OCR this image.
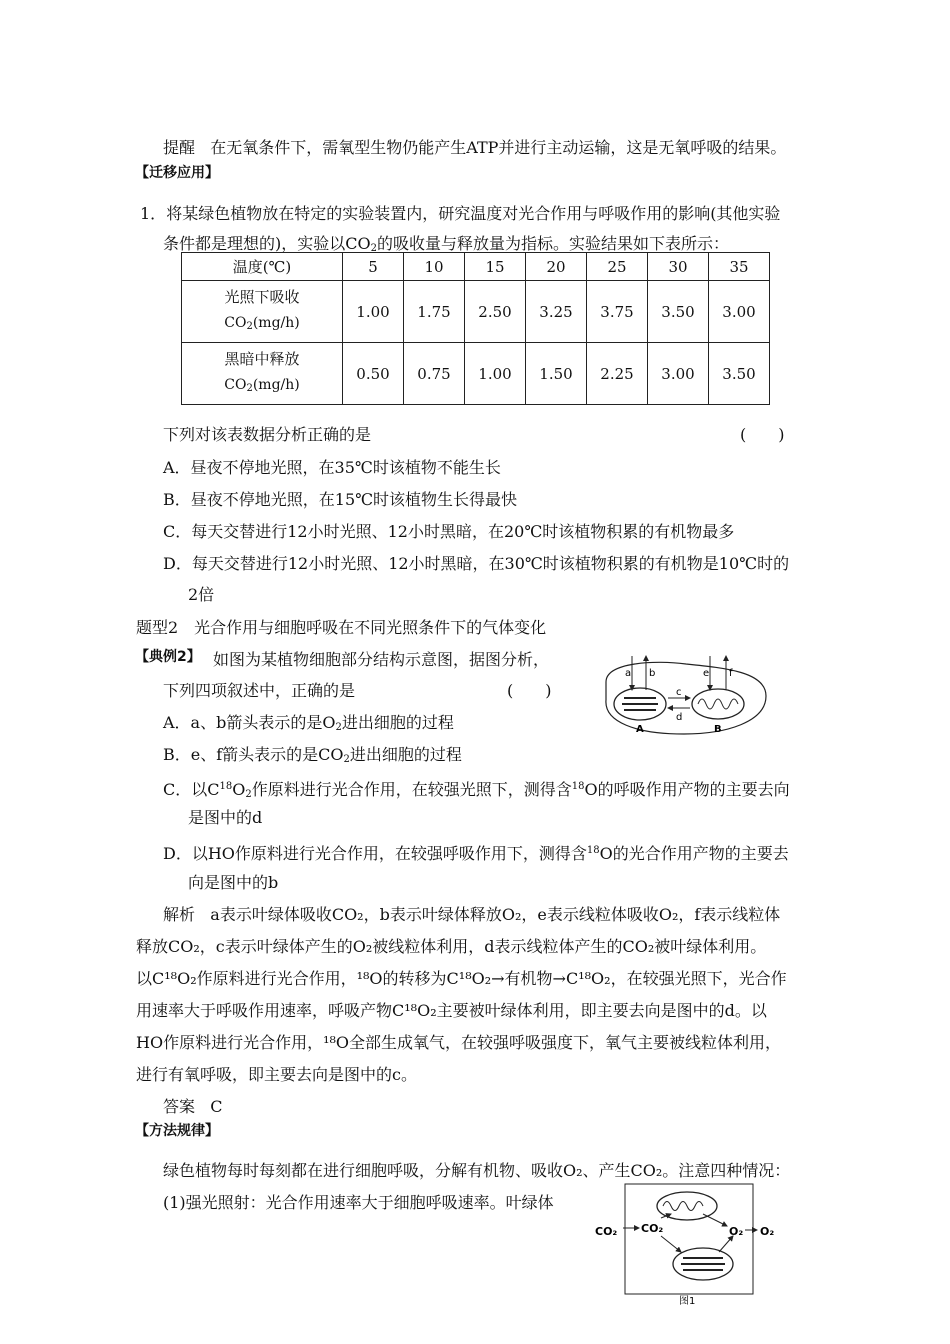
提醒 在无氧条件下，需氧型生物仍能产生ATP并进行主动运输，这是无氧呼吸的结果。
【迁移应用】
1．将某绿色植物放在特定的实验装置内，研究温度对光合作用与呼吸作用的影响(其他实验
条件都是理想的)，实验以$CO_2$的吸收量与释放量为指标。实验结果如下表所示：
温度(℃)	5	10	15	20	25	30	35

光照下吸收
$CO_2(mg/h)$	1.00	1.75	2.50	3.25	3.75	3.50	3.00

黑暗中释放
$CO_2(mg/h)$	0.50	0.75	1.00	1.50	2.25	3.00	3.50
下列对该表数据分析正确的是	(　　)
A．昼夜不停地光照，在35℃时该植物不能生长
B．昼夜不停地光照，在15℃时该植物生长得最快
C．每天交替进行12小时光照、12小时黑暗，在20℃时该植物积累的有机物最多
D．每天交替进行12小时光照、12小时黑暗，在30℃时该植物积累的有机物是10℃时的
2倍
题型2　光合作用与细胞呼吸在不同光照条件下的气体变化
【典例2】 如图为某植物细胞部分结构示意图，据图分析，
下列四项叙述中，正确的是	(　　)
A．a、b箭头表示的是$O_2$进出细胞的过程
B．e、f箭头表示的是$CO_2$进出细胞的过程
C．以$C^{18}O_2$作原料进行光合作用，在较强光照下，测得含$^{18}$O的呼吸作用产物的主要去向
是图中的d
D．以HO作原料进行光合作用，在较强呼吸作用下，测得含$^{18}$O的光合作用产物的主要去
向是图中的b
a b
c
d
e f
A	B
解析 a表示叶绿体吸收CO₂，b表示叶绿体释放O₂，e表示线粒体吸收O₂，f表示线粒体
释放CO₂，c表示叶绿体产生的O₂被线粒体利用，d表示线粒体产生的CO₂被叶绿体利用。
以C¹⁸O₂作原料进行光合作用，¹⁸O的转移为C¹⁸O₂→有机物→C¹⁸O₂，在较强光照下，光合作
用速率大于呼吸作用速率，呼吸产物C¹⁸O₂主要被叶绿体利用，即主要去向是图中的d。以
HO作原料进行光合作用，¹⁸O全部生成氧气，在较强呼吸强度下，氧气主要被线粒体利用，
进行有氧呼吸，即主要去向是图中的c。
答案 C
【方法规律】
绿色植物每时每刻都在进行细胞呼吸，分解有机物、吸收O₂、产生CO₂。注意四种情况：
(1)强光照射：光合作用速率大于细胞呼吸速率。叶绿体
CO₂ CO₂	O₂ O₂
图1
